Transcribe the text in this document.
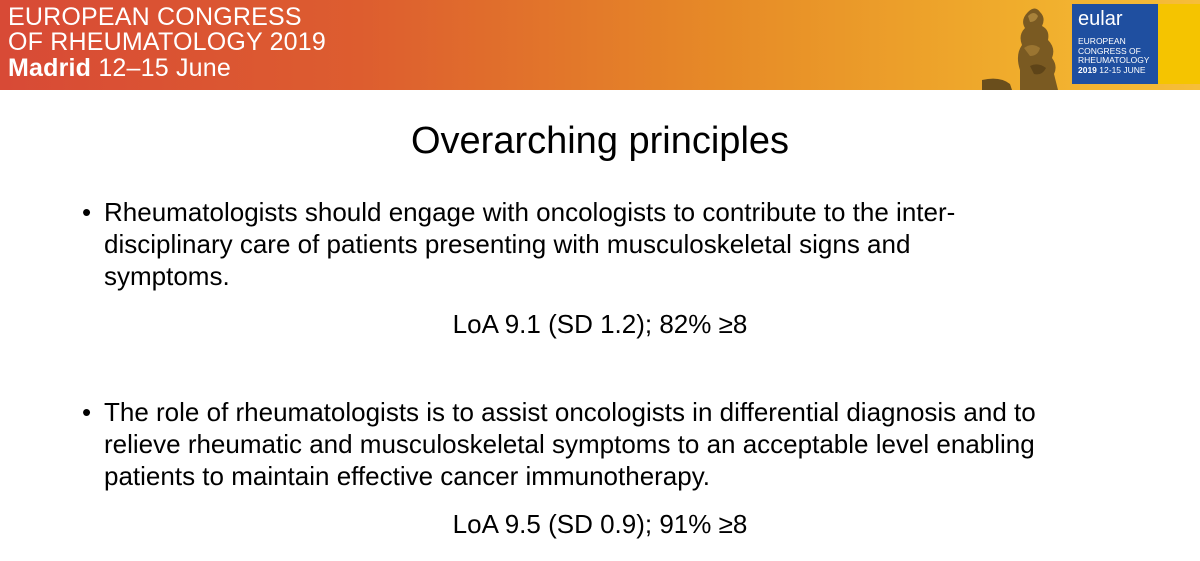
EUROPEAN CONGRESS
OF RHEUMATOLOGY 2019
Madrid 12–15 June
eular
EUROPEAN
CONGRESS OF
RHEUMATOLOGY
2019 12-15 JUNE
Overarching principles
• Rheumatologists should engage with oncologists to contribute to the inter-
disciplinary care of patients presenting with musculoskeletal signs and
symptoms.
LoA 9.1 (SD 1.2); 82% ≥8
• The role of rheumatologists is to assist oncologists in differential diagnosis and to
relieve rheumatic and musculoskeletal symptoms to an acceptable level enabling
patients to maintain effective cancer immunotherapy.
LoA 9.5 (SD 0.9); 91% ≥8
